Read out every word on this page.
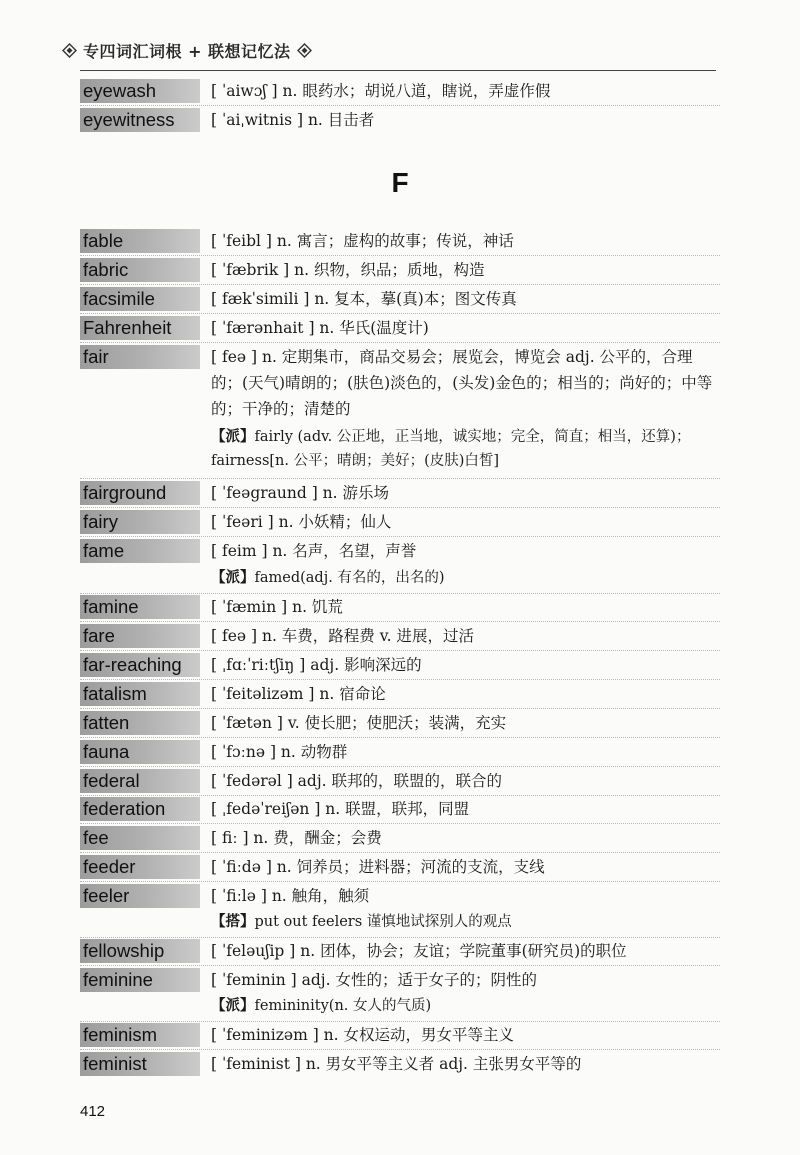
专四词汇词根 + 联想记忆法
eyewash	[ ˈaiwɔʃ ] n. 眼药水；胡说八道，瞎说，弄虚作假
eyewitness	[ ˈaiˌwitnis ] n. 目击者
F
fable	[ ˈfeibl ] n. 寓言；虚构的故事；传说，神话
fabric	[ ˈfæbrik ] n. 织物，织品；质地，构造
facsimile	[ fækˈsimili ] n. 复本，摹(真)本；图文传真
Fahrenheit	[ ˈfærənhait ] n. 华氏(温度计)
fair	[ feə ] n. 定期集市，商品交易会；展览会，博览会 adj. 公平的，合理的；(天气)晴朗的；(肤色)淡色的，(头发)金色的；相当的；尚好的；中等的；干净的；清楚的
【派】fairly (adv. 公正地，正当地，诚实地；完全，简直；相当，还算)；fairness[n. 公平；晴朗；美好；(皮肤)白皙]
fairground	[ ˈfeəgraund ] n. 游乐场
fairy	[ ˈfeəri ] n. 小妖精；仙人
fame	[ feim ] n. 名声，名望，声誉
【派】famed(adj. 有名的，出名的)
famine	[ ˈfæmin ] n. 饥荒
fare	[ feə ] n. 车费，路程费 v. 进展，过活
far-reaching	[ ˌfɑːˈriːtʃiŋ ] adj. 影响深远的
fatalism	[ ˈfeitəlizəm ] n. 宿命论
fatten	[ ˈfætən ] v. 使长肥；使肥沃；装满，充实
fauna	[ ˈfɔːnə ] n. 动物群
federal	[ ˈfedərəl ] adj. 联邦的，联盟的，联合的
federation	[ ˌfedəˈreiʃən ] n. 联盟，联邦，同盟
fee	[ fiː ] n. 费，酬金；会费
feeder	[ ˈfiːdə ] n. 饲养员；进料器；河流的支流，支线
feeler	[ ˈfiːlə ] n. 触角，触须
【搭】put out feelers 谨慎地试探别人的观点
fellowship	[ ˈfeləuʃip ] n. 团体，协会；友谊；学院董事(研究员)的职位
feminine	[ ˈfeminin ] adj. 女性的；适于女子的；阴性的
【派】femininity(n. 女人的气质)
feminism	[ ˈfeminizəm ] n. 女权运动，男女平等主义
feminist	[ ˈfeminist ] n. 男女平等主义者 adj. 主张男女平等的
412
